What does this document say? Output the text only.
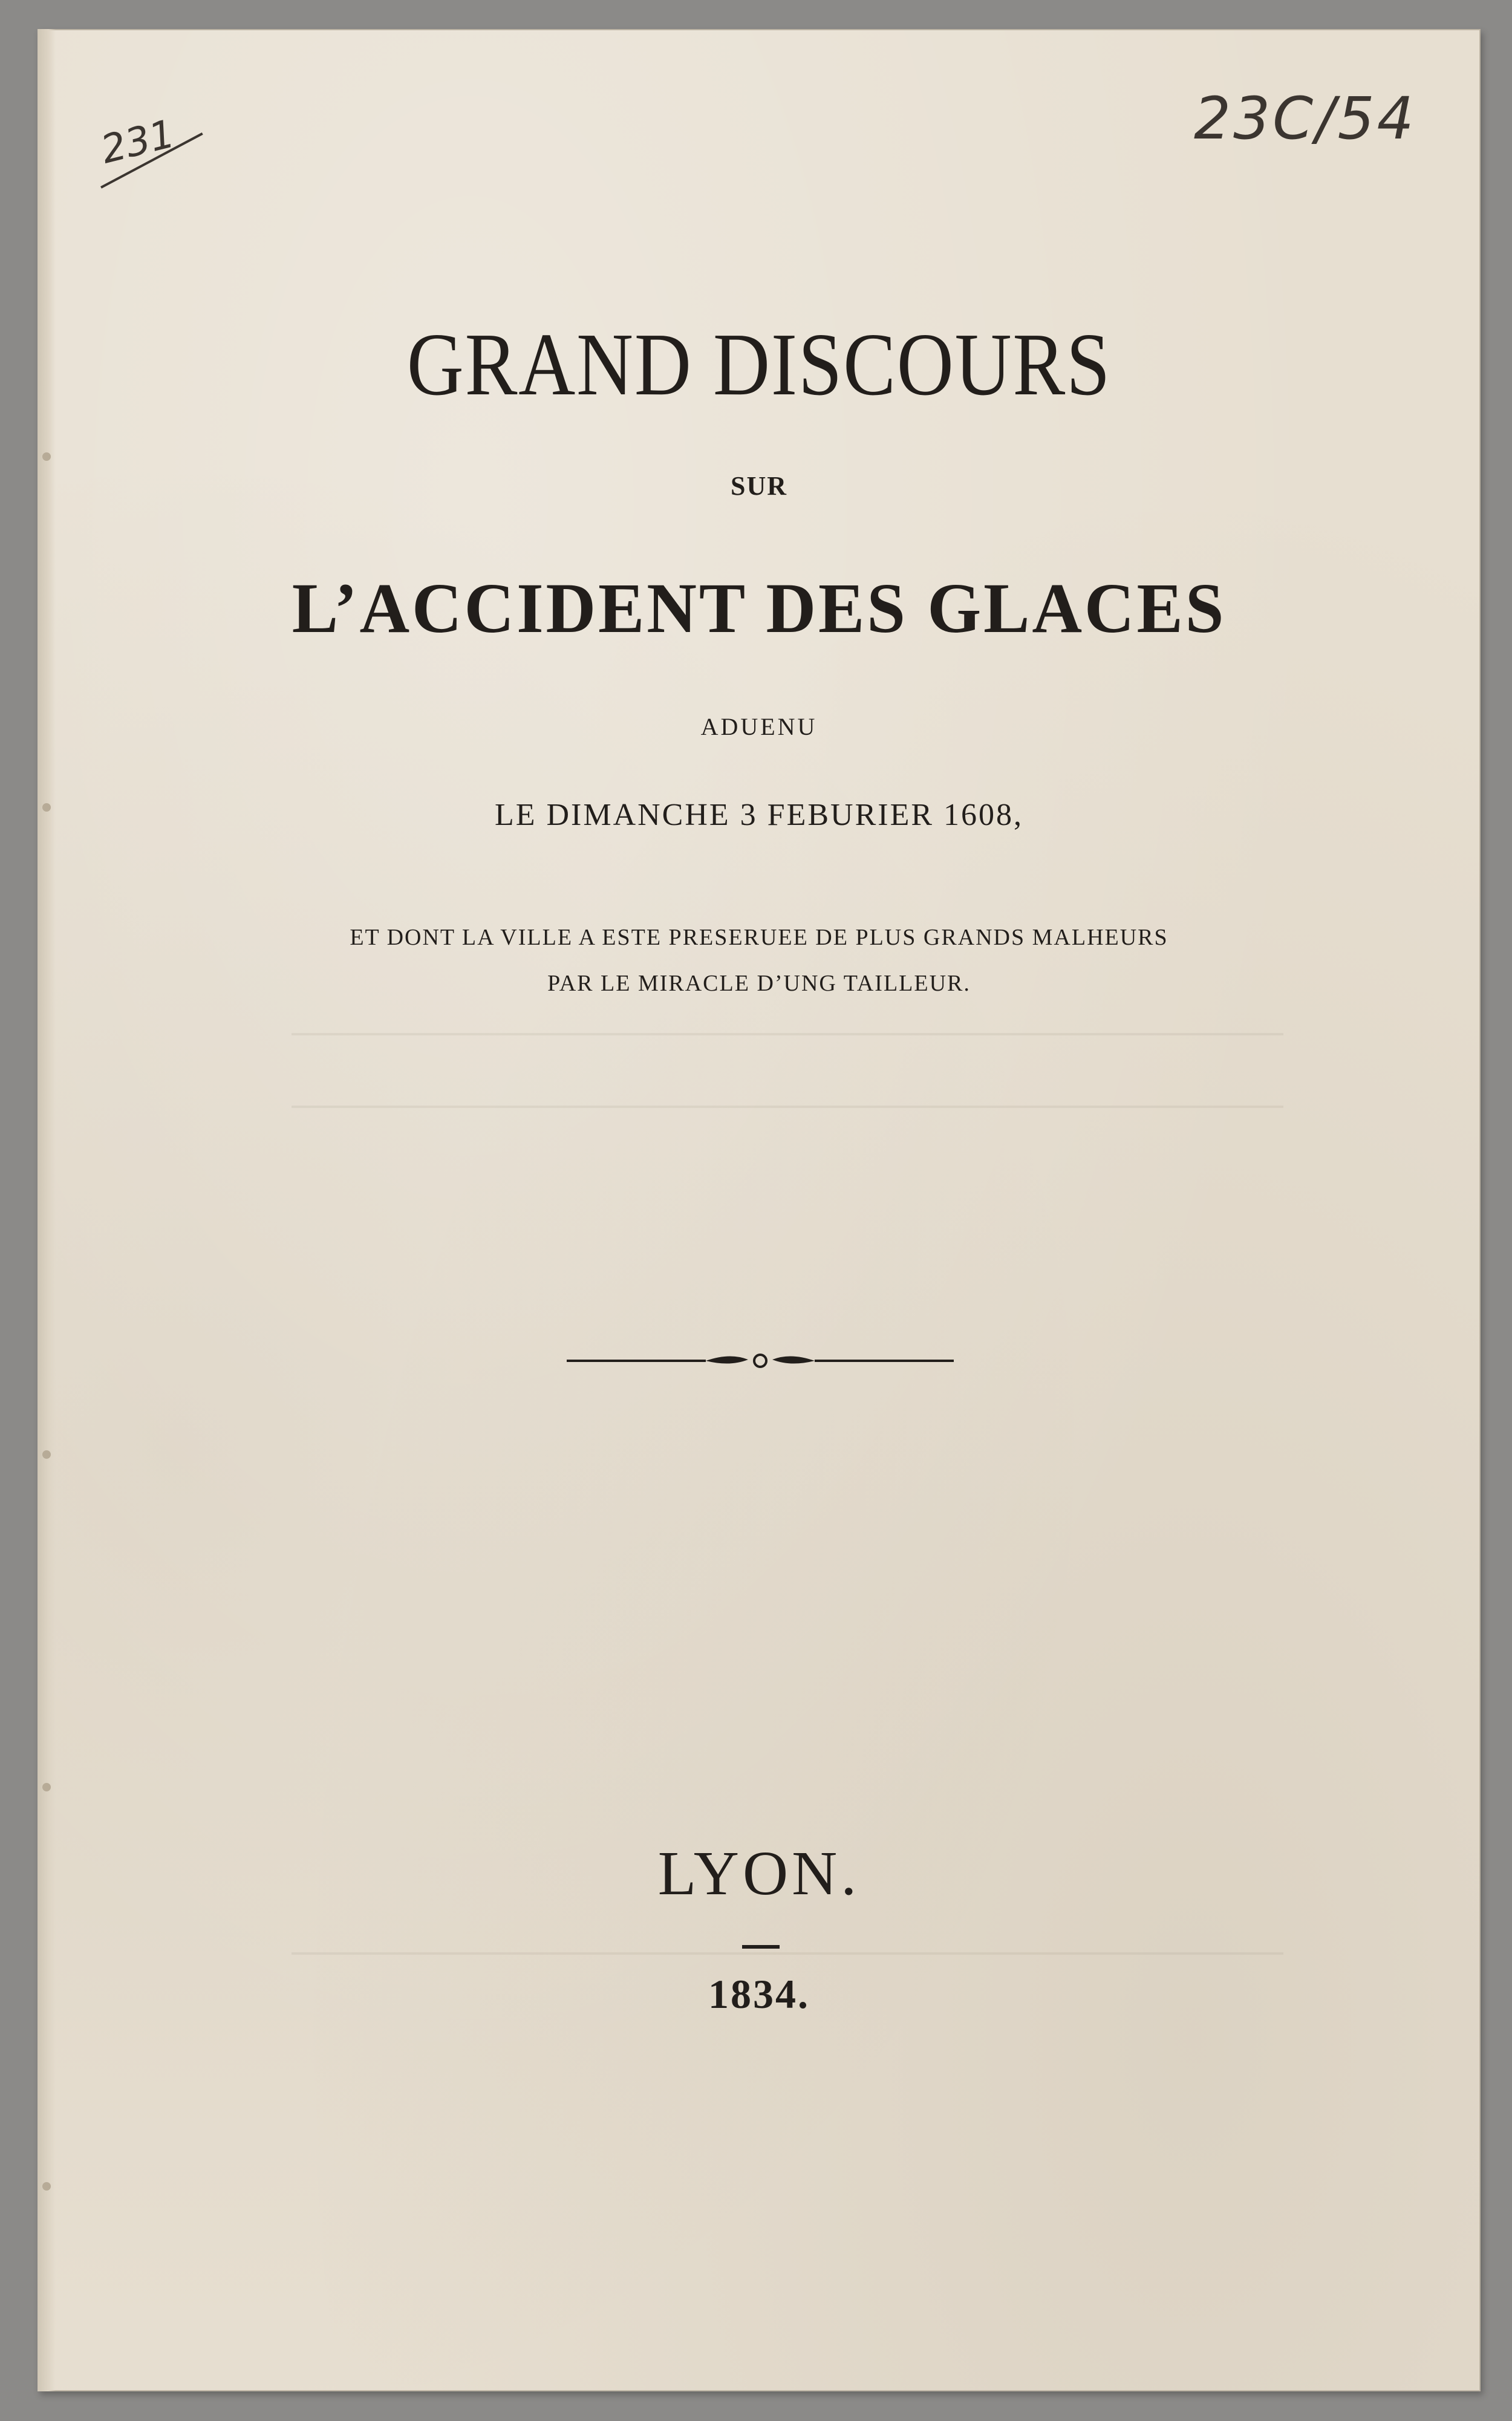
231	23C/54
GRAND DISCOURS
SUR
L’ACCIDENT DES GLACES
ADUENU
LE DIMANCHE 3 FEBURIER 1608,
ET DONT LA VILLE A ESTE PRESERUEE DE PLUS GRANDS MALHEURS
PAR LE MIRACLE D’UNG TAILLEUR.
LYON.
1834.
